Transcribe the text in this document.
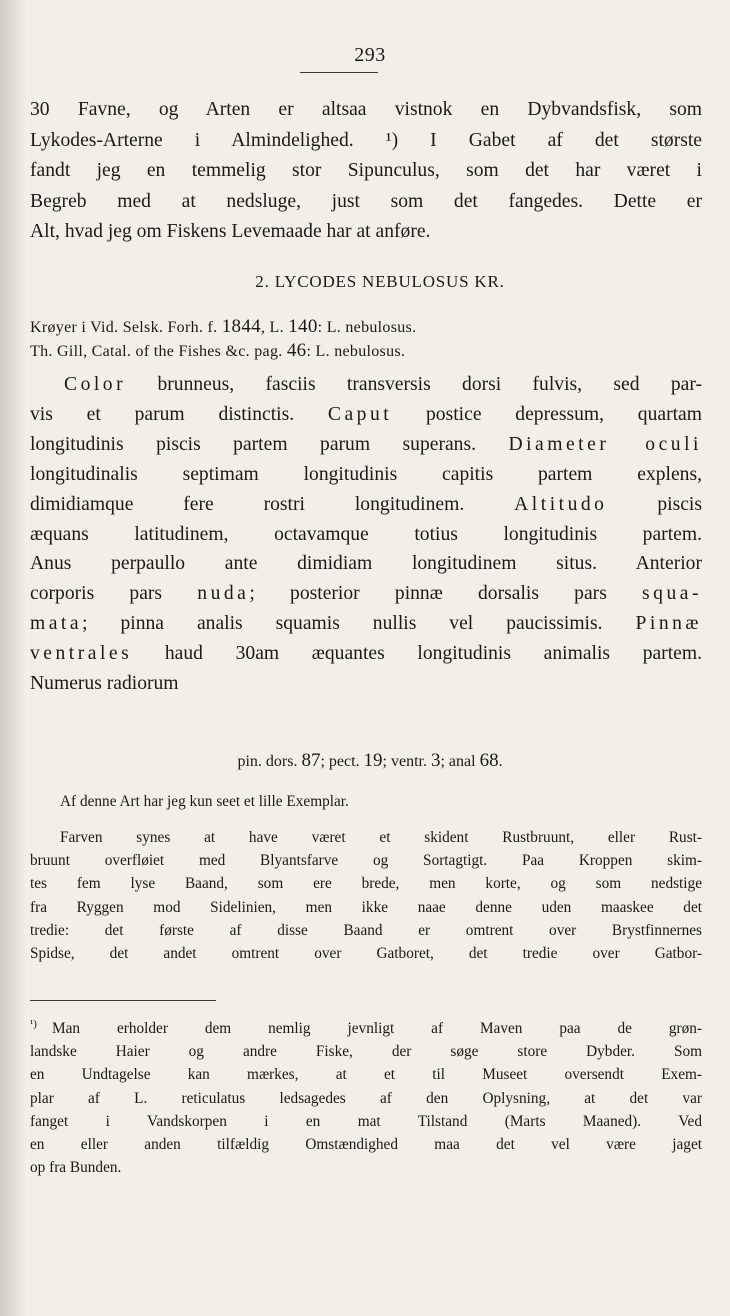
293
30 Favne, og Arten er altsaa vistnok en Dybvandsfisk, som
Lykodes-Arterne i Almindelighed. ¹) I Gabet af det største
fandt jeg en temmelig stor Sipunculus, som det har været i
Begreb med at nedsluge, just som det fangedes. Dette er
Alt, hvad jeg om Fiskens Levemaade har at anføre.
2. LYCODES NEBULOSUS KR.
Krøyer i Vid. Selsk. Forh. f. 1844, L. 140: L. nebulosus.
Th. Gill, Catal. of the Fishes &c. pag. 46: L. nebulosus.
Color brunneus, fasciis transversis dorsi fulvis, sed par-
vis et parum distinctis. Caput postice depressum, quartam
longitudinis piscis partem parum superans. Diameter oculi
longitudinalis septimam longitudinis capitis partem explens,
dimidiamque fere rostri longitudinem. Altitudo piscis
æquans latitudinem, octavamque totius longitudinis partem.
Anus perpaullo ante dimidiam longitudinem situs. Anterior
corporis pars nuda; posterior pinnæ dorsalis pars squa-
mata; pinna analis squamis nullis vel paucissimis. Pinnæ
ventrales haud 30am æquantes longitudinis animalis partem.
Numerus radiorum
pin. dors. 87; pect. 19; ventr. 3; anal 68.
Af denne Art har jeg kun seet et lille Exemplar.
Farven synes at have været et skident Rustbruunt, eller Rust-
bruunt overfløiet med Blyantsfarve og Sortagtigt. Paa Kroppen skim-
tes fem lyse Baand, som ere brede, men korte, og som nedstige
fra Ryggen mod Sidelinien, men ikke naae denne uden maaskee det
tredie: det første af disse Baand er omtrent over Brystfinnernes
Spidse, det andet omtrent over Gatboret, det tredie over Gatbor-
¹) Man erholder dem nemlig jevnligt af Maven paa de grøn-
landske Haier og andre Fiske, der søge store Dybder. Som
en Undtagelse kan mærkes, at et til Museet oversendt Exem-
plar af L. reticulatus ledsagedes af den Oplysning, at det var
fanget i Vandskorpen i en mat Tilstand (Marts Maaned). Ved
en eller anden tilfældig Omstændighed maa det vel være jaget
op fra Bunden.
